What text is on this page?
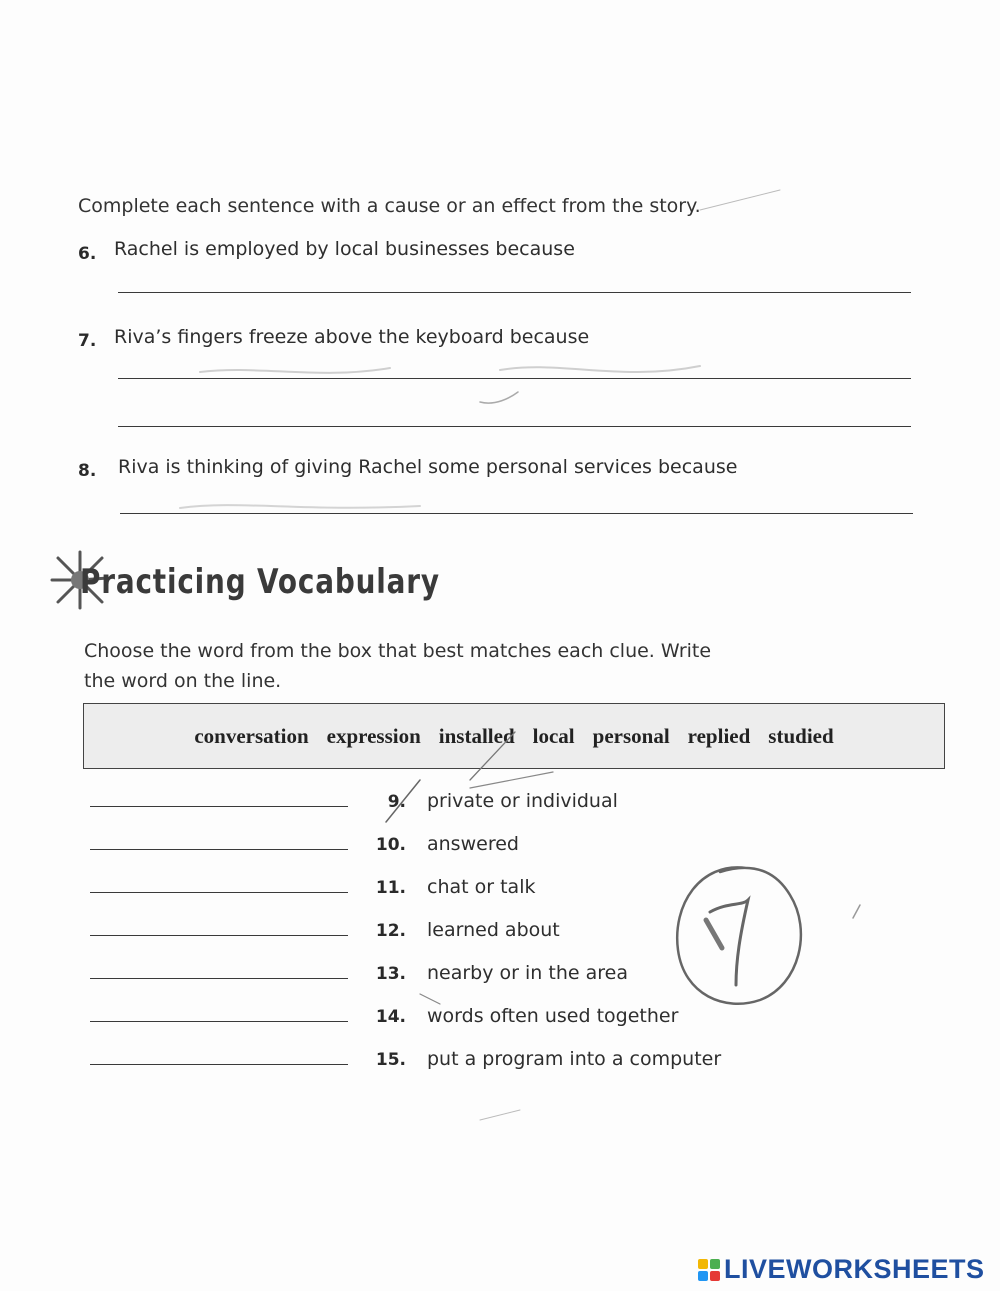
Complete each sentence with a cause or an effect from the story.
6. Rachel is employed by local businesses because
7. Riva’s fingers freeze above the keyboard because
8. Riva is thinking of giving Rachel some personal services because
Practicing Vocabulary
Choose the word from the box that best matches each clue. Write
the word on the line.
conversation expression installed local personal replied studied
9. private or individual
10. answered
11. chat or talk
12. learned about
13. nearby or in the area
14. words often used together
15. put a program into a computer
LIVEWORKSHEETS
